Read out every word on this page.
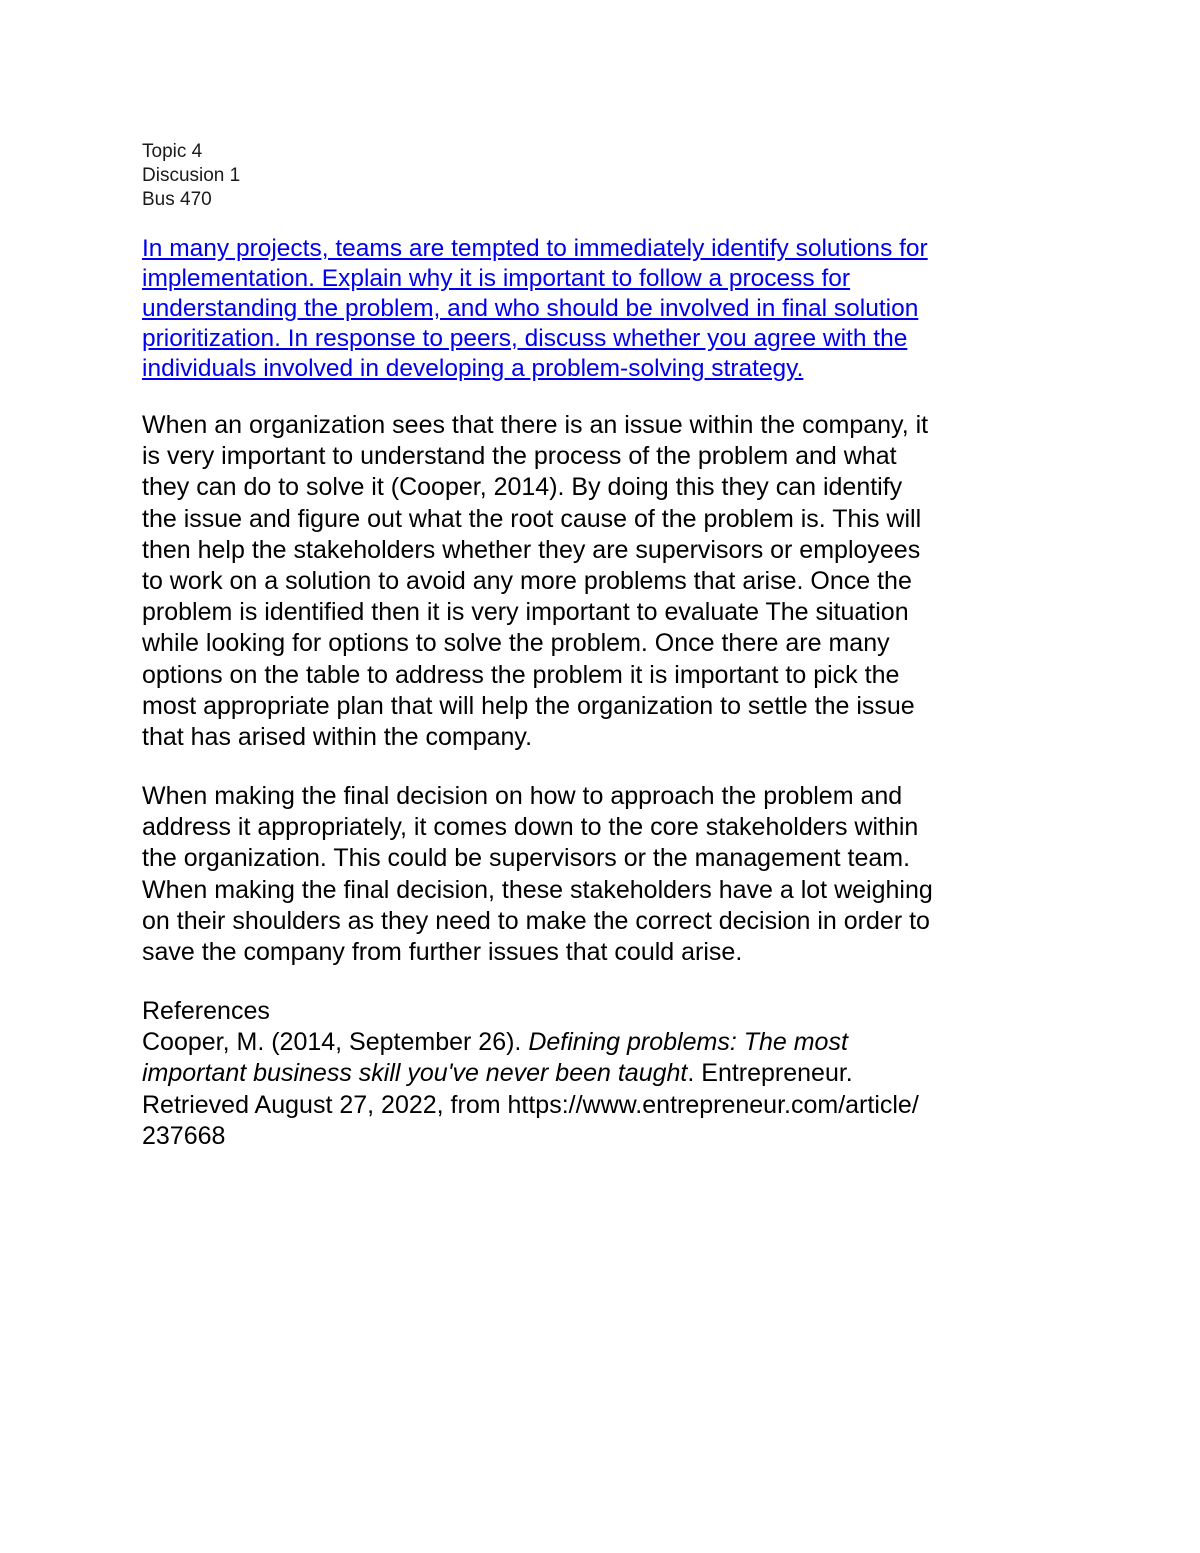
Topic 4
Discusion 1
Bus 470
In many projects, teams are tempted to immediately identify solutions for
implementation. Explain why it is important to follow a process for
understanding the problem, and who should be involved in final solution
prioritization. In response to peers, discuss whether you agree with the
individuals involved in developing a problem-solving strategy.
When an organization sees that there is an issue within the company, it
is very important to understand the process of the problem and what
they can do to solve it (Cooper, 2014). By doing this they can identify
the issue and figure out what the root cause of the problem is. This will
then help the stakeholders whether they are supervisors or employees
to work on a solution to avoid any more problems that arise. Once the
problem is identified then it is very important to evaluate The situation
while looking for options to solve the problem. Once there are many
options on the table to address the problem it is important to pick the
most appropriate plan that will help the organization to settle the issue
that has arised within the company.
When making the final decision on how to approach the problem and
address it appropriately, it comes down to the core stakeholders within
the organization. This could be supervisors or the management team.
When making the final decision, these stakeholders have a lot weighing
on their shoulders as they need to make the correct decision in order to
save the company from further issues that could arise.
References
Cooper, M. (2014, September 26). Defining problems: The most
important business skill you've never been taught. Entrepreneur.
Retrieved August 27, 2022, from https://www.entrepreneur.com/article/
237668
